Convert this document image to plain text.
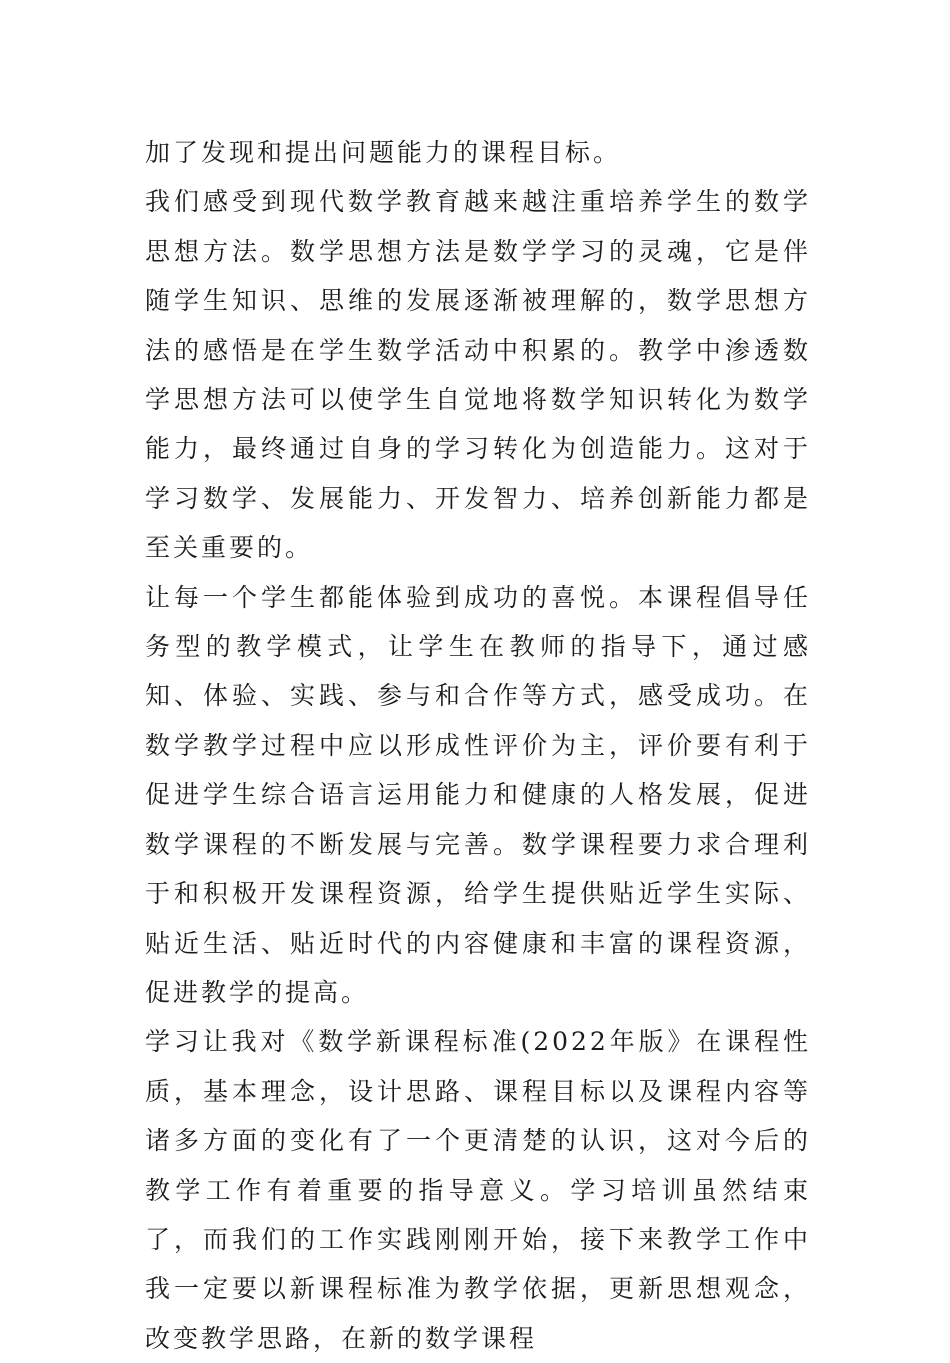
加了发现和提出问题能力的课程目标。

我们感受到现代数学教育越来越注重培养学生的数学思想方法。数学思想方法是数学学习的灵魂，它是伴随学生知识、思维的发展逐渐被理解的，数学思想方法的感悟是在学生数学活动中积累的。教学中渗透数学思想方法可以使学生自觉地将数学知识转化为数学能力，最终通过自身的学习转化为创造能力。这对于学习数学、发展能力、开发智力、培养创新能力都是至关重要的。

让每一个学生都能体验到成功的喜悦。本课程倡导任务型的教学模式，让学生在教师的指导下，通过感知、体验、实践、参与和合作等方式，感受成功。在数学教学过程中应以形成性评价为主，评价要有利于促进学生综合语言运用能力和健康的人格发展，促进数学课程的不断发展与完善。数学课程要力求合理利于和积极开发课程资源，给学生提供贴近学生实际、贴近生活、贴近时代的内容健康和丰富的课程资源，促进教学的提高。

学习让我对《数学新课程标准(2022年版》在课程性质，基本理念，设计思路、课程目标以及课程内容等诸多方面的变化有了一个更清楚的认识，这对今后的教学工作有着重要的指导意义。学习培训虽然结束了，而我们的工作实践刚刚开始，接下来教学工作中我一定要以新课程标准为教学依据，更新思想观念，改变教学思路，在新的数学课程
